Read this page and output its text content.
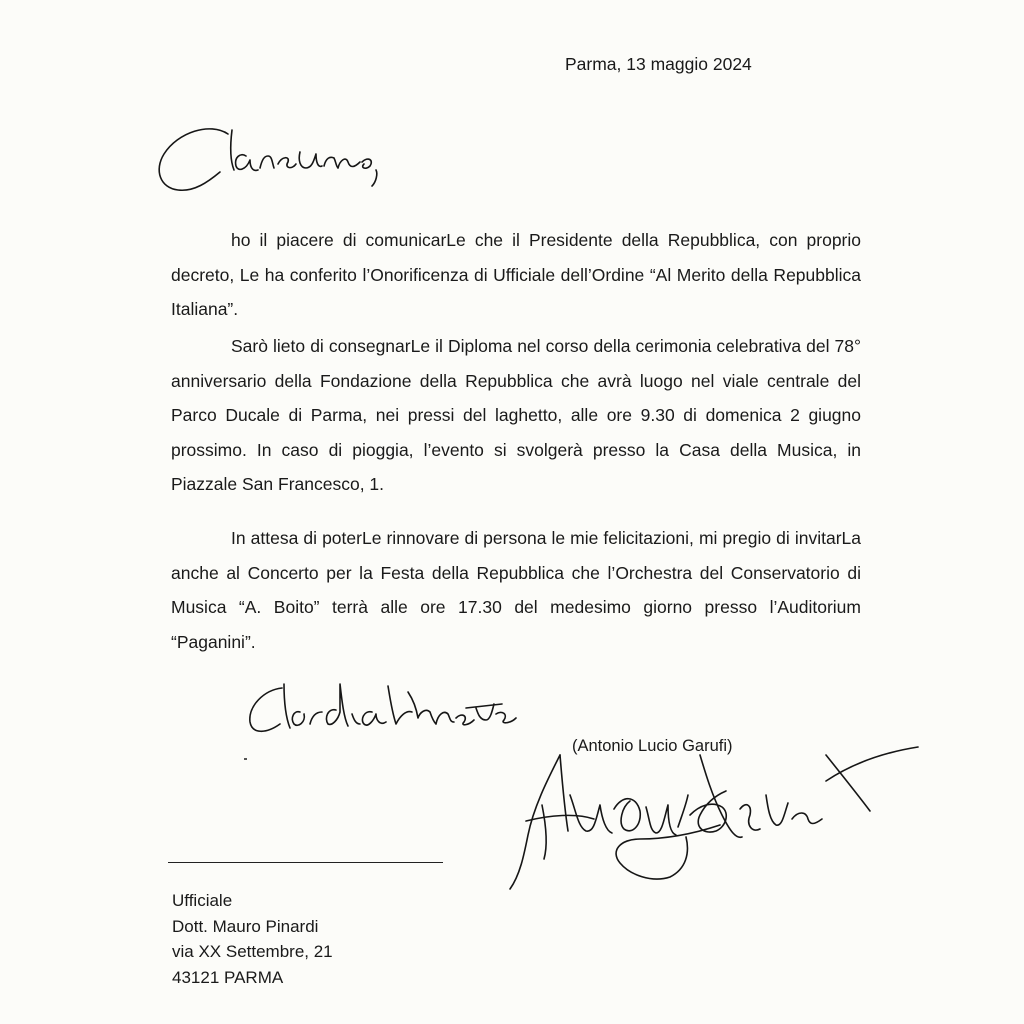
Parma, 13 maggio 2024

ho il piacere di comunicarLe che il Presidente della Repubblica, con proprio decreto, Le ha conferito l’Onorificenza di Ufficiale dell’Ordine “Al Merito della Repubblica Italiana”.

Sarò lieto di consegnarLe il Diploma nel corso della cerimonia celebrativa del 78° anniversario della Fondazione della Repubblica che avrà luogo nel viale centrale del Parco Ducale di Parma, nei pressi del laghetto, alle ore 9.30 di domenica 2 giugno prossimo. In caso di pioggia, l’evento si svolgerà presso la Casa della Musica, in Piazzale San Francesco, 1.

In attesa di poterLe rinnovare di persona le mie felicitazioni, mi pregio di invitarLa anche al Concerto per la Festa della Repubblica che l’Orchestra del Conservatorio di Musica “A. Boito” terrà alle ore 17.30 del medesimo giorno presso l’Auditorium “Paganini”.

(Antonio Lucio Garufi)
Ufficiale
Dott. Mauro Pinardi
via XX Settembre, 21
43121 PARMA
